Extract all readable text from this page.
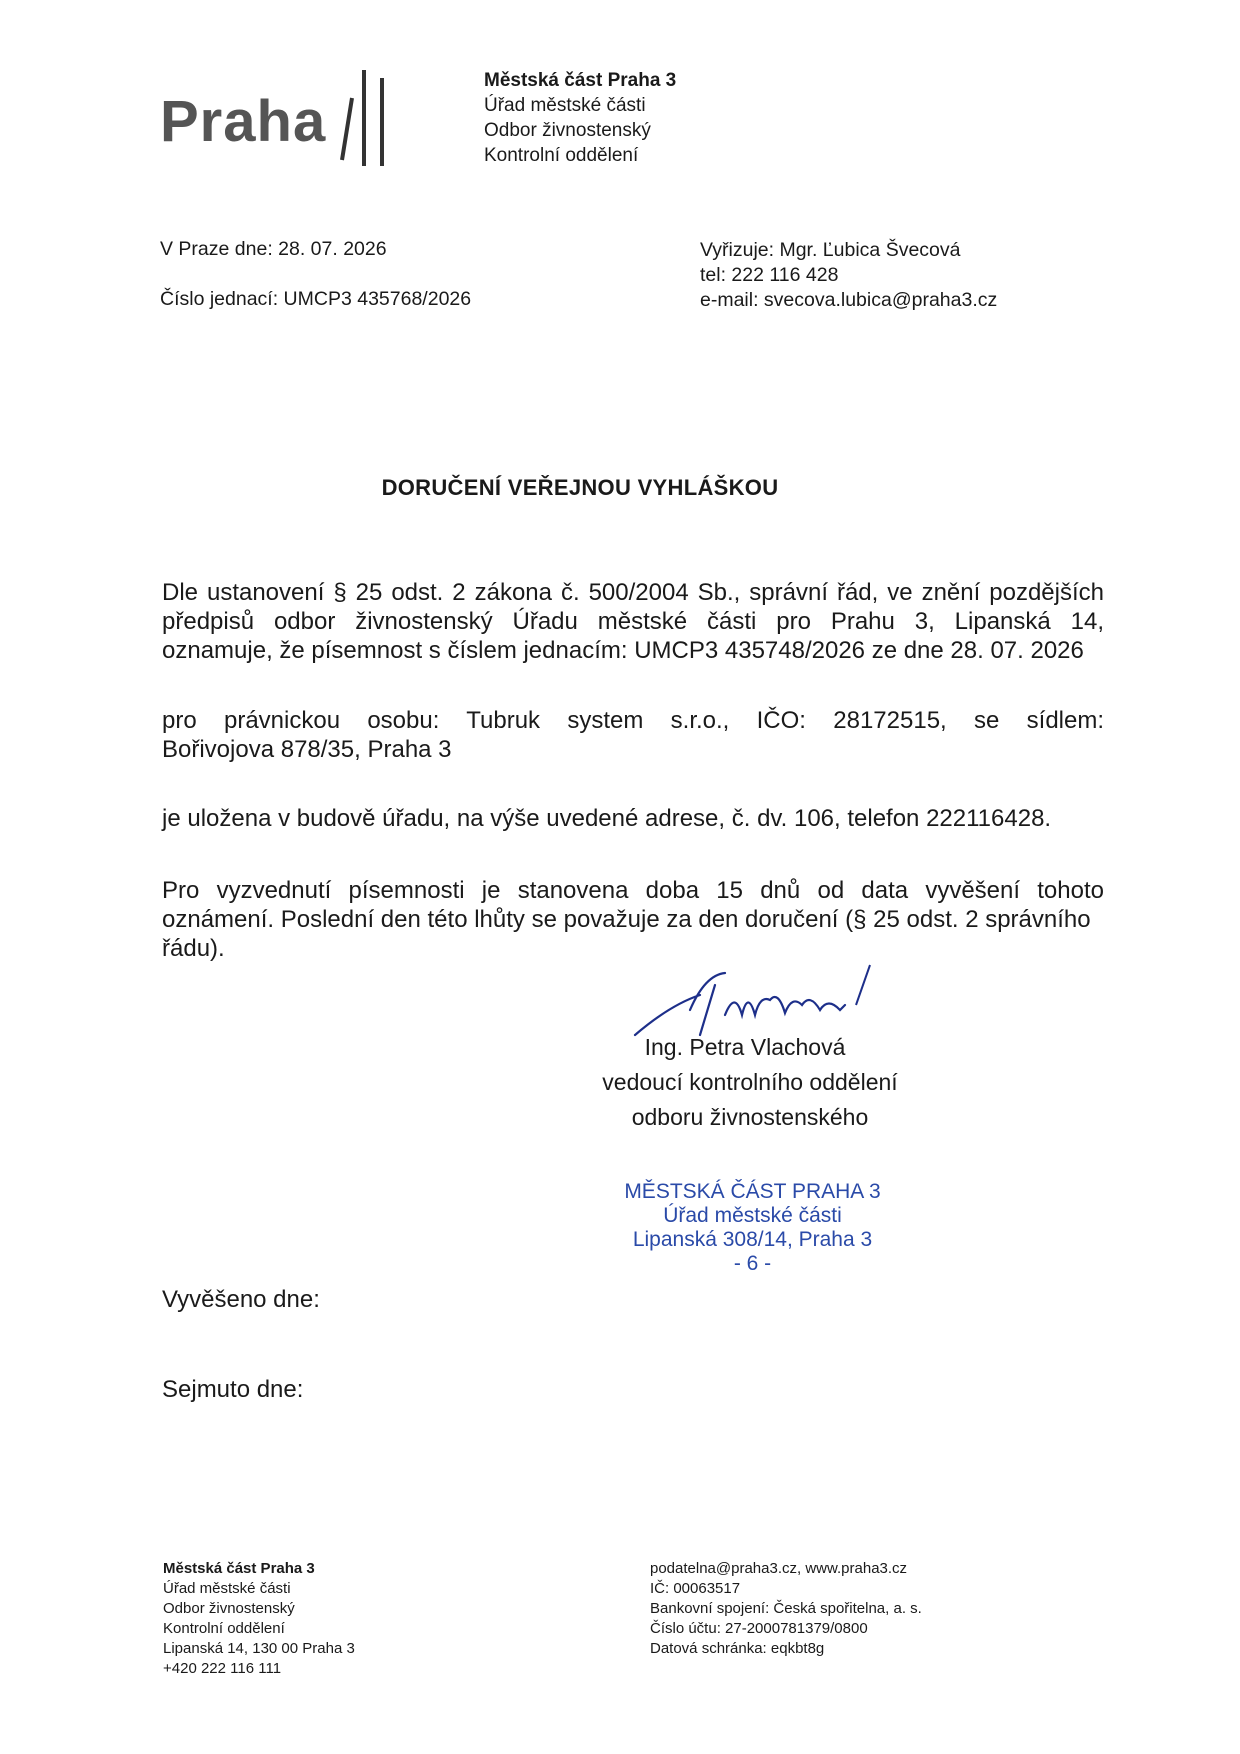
Praha
Městská část Praha 3
Úřad městské části
Odbor živnostenský
Kontrolní oddělení
V Praze dne: 28. 07. 2026
Číslo jednací: UMCP3 435768/2026
Vyřizuje: Mgr. Ľubica Švecová
tel: 222 116 428
e-mail: svecova.lubica@praha3.cz
DORUČENÍ VEŘEJNOU VYHLÁŠKOU
Dle ustanovení § 25 odst. 2 zákona č. 500/2004 Sb., správní řád, ve znění pozdějších
předpisů odbor živnostenský Úřadu městské části pro Prahu 3, Lipanská 14,
oznamuje, že písemnost s číslem jednacím: UMCP3 435748/2026 ze dne 28. 07. 2026
pro právnickou osobu: Tubruk system s.r.o., IČO: 28172515, se sídlem:
Bořivojova 878/35, Praha 3
je uložena v budově úřadu, na výše uvedené adrese, č. dv. 106, telefon 222116428.
Pro vyzvednutí písemnosti je stanovena doba 15 dnů od data vyvěšení tohoto
oznámení. Poslední den této lhůty se považuje za den doručení (§ 25 odst. 2 správního
řádu).
Ing. Petra Vlachová
vedoucí kontrolního oddělení
odboru živnostenského
MĚSTSKÁ ČÁST PRAHA 3
Úřad městské části
Lipanská 308/14, Praha 3
- 6 -
Vyvěšeno dne:
Sejmuto dne:
Městská část Praha 3
Úřad městské části
Odbor živnostenský
Kontrolní oddělení
Lipanská 14, 130 00 Praha 3
+420 222 116 111
podatelna@praha3.cz, www.praha3.cz
IČ: 00063517
Bankovní spojení: Česká spořitelna, a. s.
Číslo účtu: 27-2000781379/0800
Datová schránka: eqkbt8g
